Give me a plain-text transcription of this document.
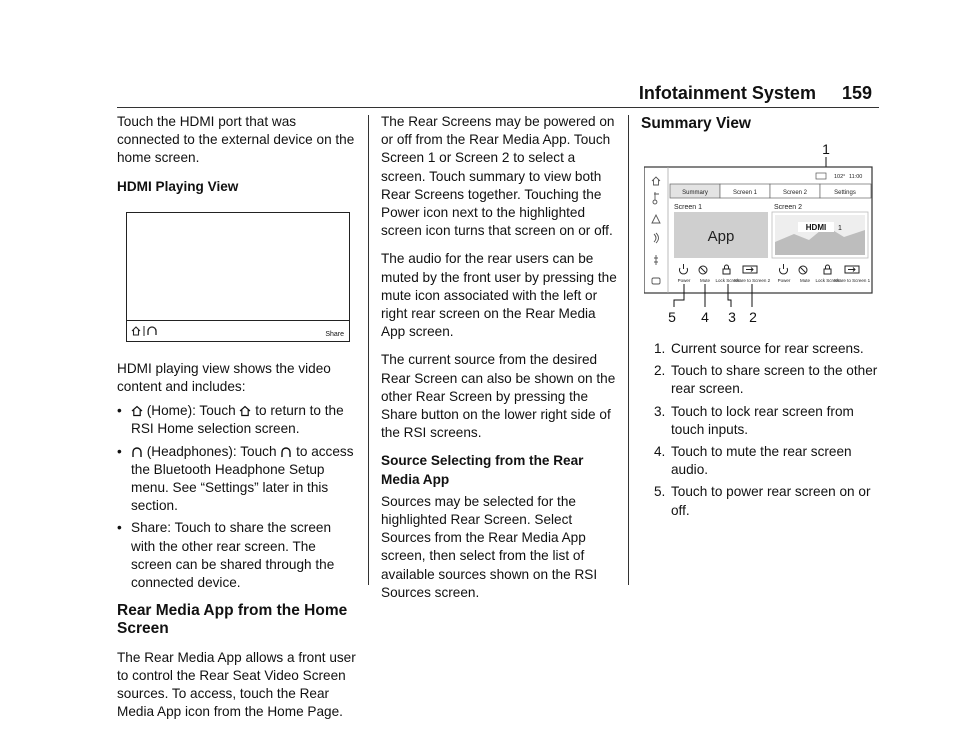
Infotainment System 159

Touch the HDMI port that was connected to the external device on the home screen.

HDMI Playing View

Share

HDMI playing view shows the video content and includes:

• (Home): Touch to return to the RSI Home selection screen.
• (Headphones): Touch to access the Bluetooth Headphone Setup menu. See “Settings” later in this section.
• Share: Touch to share the screen with the other rear screen. The screen can be shared through the connected device.
Rear Media App from the Home Screen

The Rear Media App allows a front user to control the Rear Seat Video Screen sources. To access, touch the Rear Media App icon from the Home Page.

The Rear Screens may be powered on or off from the Rear Media App. Touch Screen 1 or Screen 2 to select a screen. Touch summary to view both Rear Screens together. Touching the Power icon next to the highlighted screen icon turns that screen on or off.

The audio for the rear users can be muted by the front user by pressing the mute icon associated with the left or right rear screen on the Rear Media App screen.

The current source from the desired Rear Screen can also be shown on the other Rear Screen by pressing the Share button on the lower right side of the RSI screens.

Source Selecting from the Rear Media App

Sources may be selected for the highlighted Rear Screen. Select Sources from the Rear Media App screen, then select from the list of available sources shown on the RSI Sources screen.

Summary View
1
102° 11:00
Summary	Screen 1	Screen 2	Settings
Screen 1	Screen 2
App
HDMI 1
Power Mute Lock Screen
Share to Screen 2 Power Mute Lock Screen
Share to Screen 1
5 4 3 2
1. Current source for rear screens.
2. Touch to share screen to the other rear screen.
3. Touch to lock rear screen from touch inputs.
4. Touch to mute the rear screen audio.
5. Touch to power rear screen on or off.
